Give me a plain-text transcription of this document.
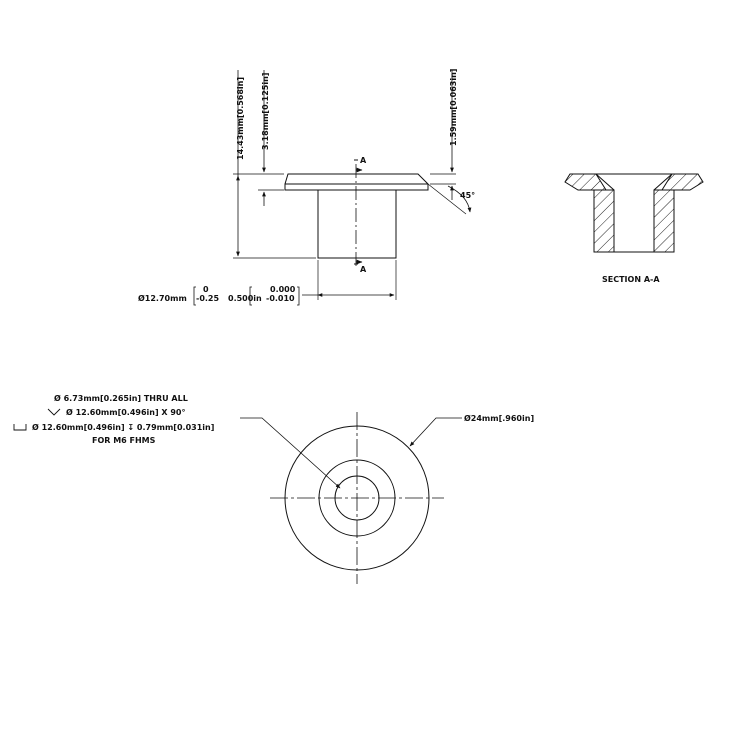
14.43mm[0.568in] 3.18mm[0.125in]	1.59mm[0.063in]
45°
A
A
Ø12.70mm
0
-0.25 0.500in
0.000
-0.010
SECTION A-A
Ø 6.73mm[0.265in] THRU ALL
Ø 12.60mm[0.496in] X 90°
Ø 12.60mm[0.496in] ↧ 0.79mm[0.031in]
FOR M6 FHMS
Ø24mm[.960in]
